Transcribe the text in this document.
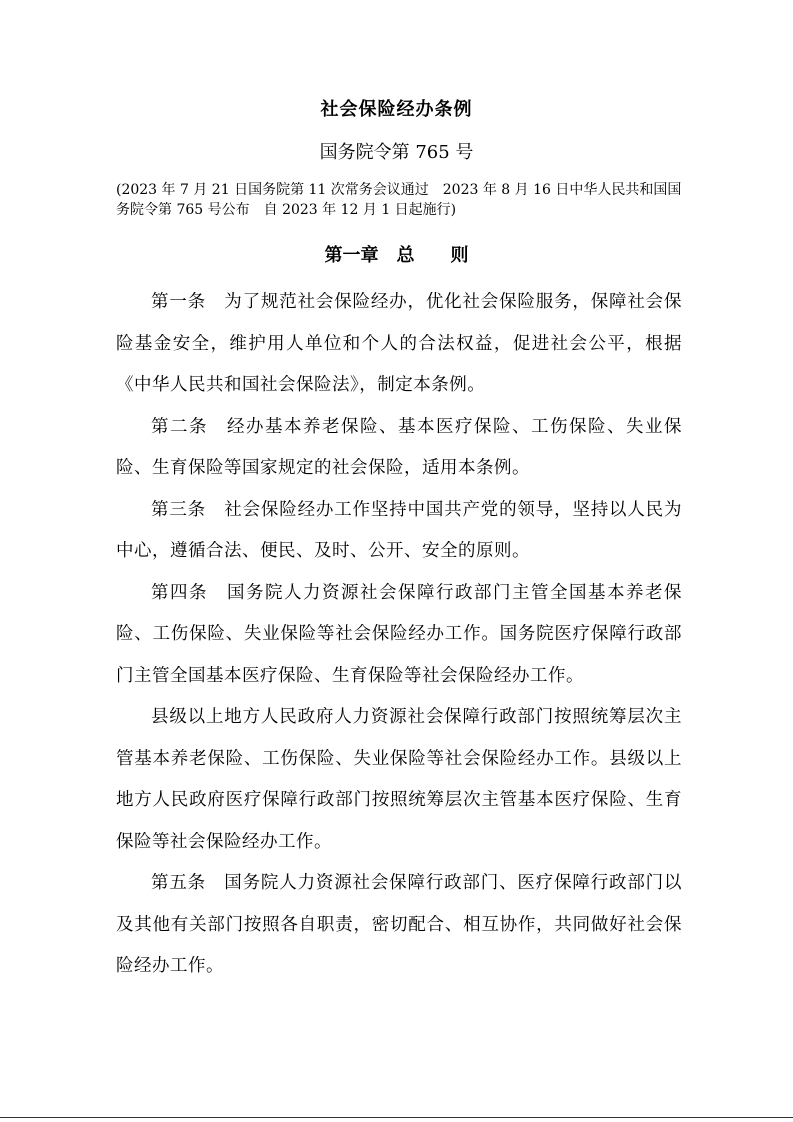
社会保险经办条例
国务院令第 765 号
(2023 年 7 月 21 日国务院第 11 次常务会议通过　2023 年 8 月 16 日中华人民共和国国务院令第 765 号公布　自 2023 年 12 月 1 日起施行)
第一章　总　　则

第一条　为了规范社会保险经办，优化社会保险服务，保障社会保险基金安全，维护用人单位和个人的合法权益，促进社会公平，根据《中华人民共和国社会保险法》，制定本条例。

第二条　经办基本养老保险、基本医疗保险、工伤保险、失业保险、生育保险等国家规定的社会保险，适用本条例。

第三条　社会保险经办工作坚持中国共产党的领导，坚持以人民为中心，遵循合法、便民、及时、公开、安全的原则。

第四条　国务院人力资源社会保障行政部门主管全国基本养老保险、工伤保险、失业保险等社会保险经办工作。国务院医疗保障行政部门主管全国基本医疗保险、生育保险等社会保险经办工作。

县级以上地方人民政府人力资源社会保障行政部门按照统筹层次主管基本养老保险、工伤保险、失业保险等社会保险经办工作。县级以上地方人民政府医疗保障行政部门按照统筹层次主管基本医疗保险、生育保险等社会保险经办工作。

第五条　国务院人力资源社会保障行政部门、医疗保障行政部门以及其他有关部门按照各自职责，密切配合、相互协作，共同做好社会保险经办工作。
